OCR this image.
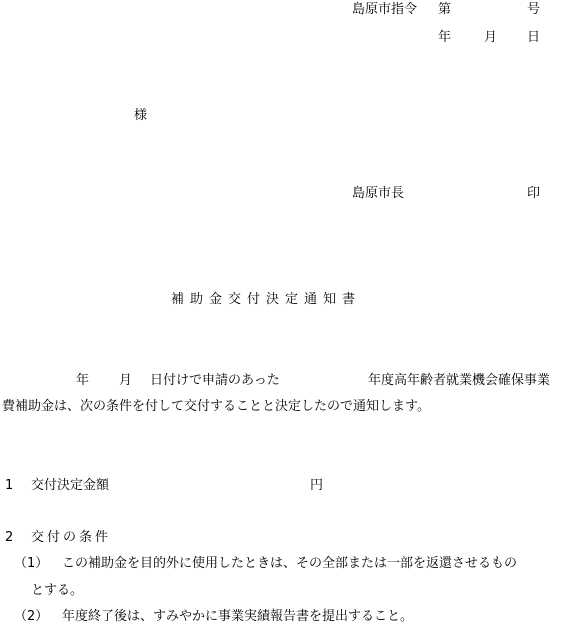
島原市指令 第	号
年	月 日
様
島原市長	印
補助金交付決定通知書
年 月 日付けで申請のあった	年度高年齢者就業機会確保事業
費補助金は、次の条件を付して交付することと決定したので通知します。
1 交付決定金額	円
2 交付の条件
（1） この補助金を目的外に使用したときは、その全部または一部を返還させるもの
とする。
（2） 年度終了後は、すみやかに事業実績報告書を提出すること。
